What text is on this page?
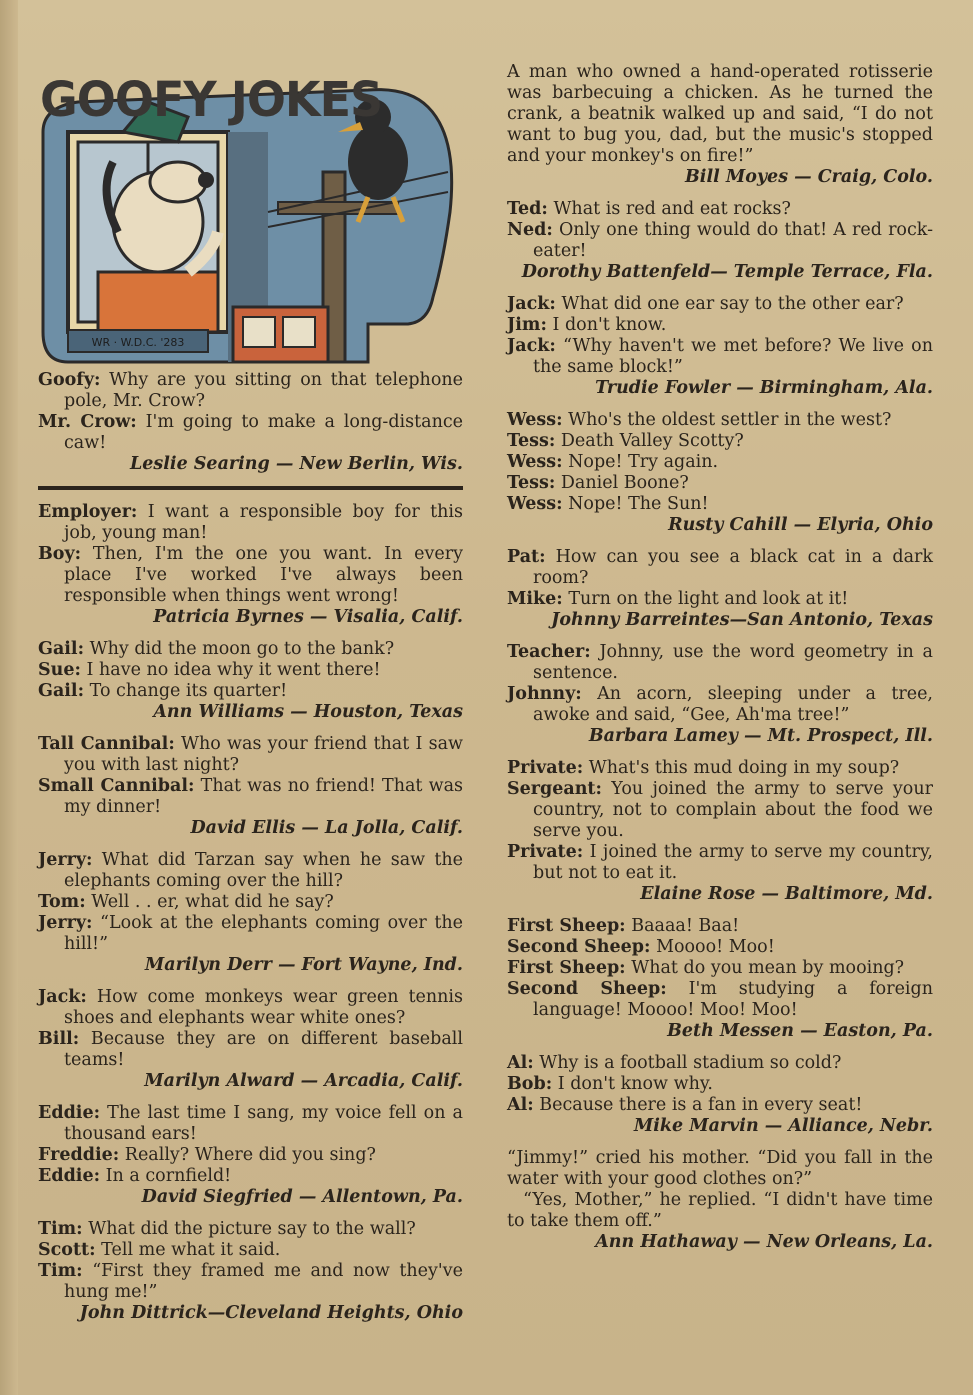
WR · W.D.C. '283
GOOFY JOKES
Goofy: Why are you sitting on that telephone pole, Mr. Crow?
Mr. Crow: I'm going to make a long-distance caw!
Leslie Searing — New Berlin, Wis.
Employer: I want a responsible boy for this job, young man!
Boy: Then, I'm the one you want. In every place I've worked I've always been responsible when things went wrong!
Patricia Byrnes — Visalia, Calif.
Gail: Why did the moon go to the bank?
Sue: I have no idea why it went there!
Gail: To change its quarter!
Ann Williams — Houston, Texas
Tall Cannibal: Who was your friend that I saw you with last night?
Small Cannibal: That was no friend! That was my dinner!
David Ellis — La Jolla, Calif.
Jerry: What did Tarzan say when he saw the elephants coming over the hill?
Tom: Well . . er, what did he say?
Jerry: “Look at the elephants coming over the hill!”
Marilyn Derr — Fort Wayne, Ind.
Jack: How come monkeys wear green tennis shoes and elephants wear white ones?
Bill: Because they are on different baseball teams!
Marilyn Alward — Arcadia, Calif.
Eddie: The last time I sang, my voice fell on a thousand ears!
Freddie: Really? Where did you sing?
Eddie: In a cornfield!
David Siegfried — Allentown, Pa.
Tim: What did the picture say to the wall?
Scott: Tell me what it said.
Tim: “First they framed me and now they've hung me!”
John Dittrick—Cleveland Heights, Ohio
A man who owned a hand-operated rotisserie was barbecuing a chicken. As he turned the crank, a beatnik walked up and said, “I do not want to bug you, dad, but the music's stopped and your monkey's on fire!”
Bill Moyes — Craig, Colo.
Ted: What is red and eat rocks?
Ned: Only one thing would do that! A red rock-eater!
Dorothy Battenfeld— Temple Terrace, Fla.
Jack: What did one ear say to the other ear?
Jim: I don't know.
Jack: “Why haven't we met before? We live on the same block!”
Trudie Fowler — Birmingham, Ala.
Wess: Who's the oldest settler in the west?
Tess: Death Valley Scotty?
Wess: Nope! Try again.
Tess: Daniel Boone?
Wess: Nope! The Sun!
Rusty Cahill — Elyria, Ohio
Pat: How can you see a black cat in a dark room?
Mike: Turn on the light and look at it!
Johnny Barreintes—San Antonio, Texas
Teacher: Johnny, use the word geometry in a sentence.
Johnny: An acorn, sleeping under a tree, awoke and said, “Gee, Ah'ma tree!”
Barbara Lamey — Mt. Prospect, Ill.
Private: What's this mud doing in my soup?
Sergeant: You joined the army to serve your country, not to complain about the food we serve you.
Private: I joined the army to serve my country, but not to eat it.
Elaine Rose — Baltimore, Md.
First Sheep: Baaaa! Baa!
Second Sheep: Moooo! Moo!
First Sheep: What do you mean by mooing?
Second Sheep: I'm studying a foreign language! Moooo! Moo! Moo!
Beth Messen — Easton, Pa.
Al: Why is a football stadium so cold?
Bob: I don't know why.
Al: Because there is a fan in every seat!
Mike Marvin — Alliance, Nebr.
“Jimmy!” cried his mother. “Did you fall in the water with your good clothes on?”
“Yes, Mother,” he replied. “I didn't have time to take them off.”
Ann Hathaway — New Orleans, La.
